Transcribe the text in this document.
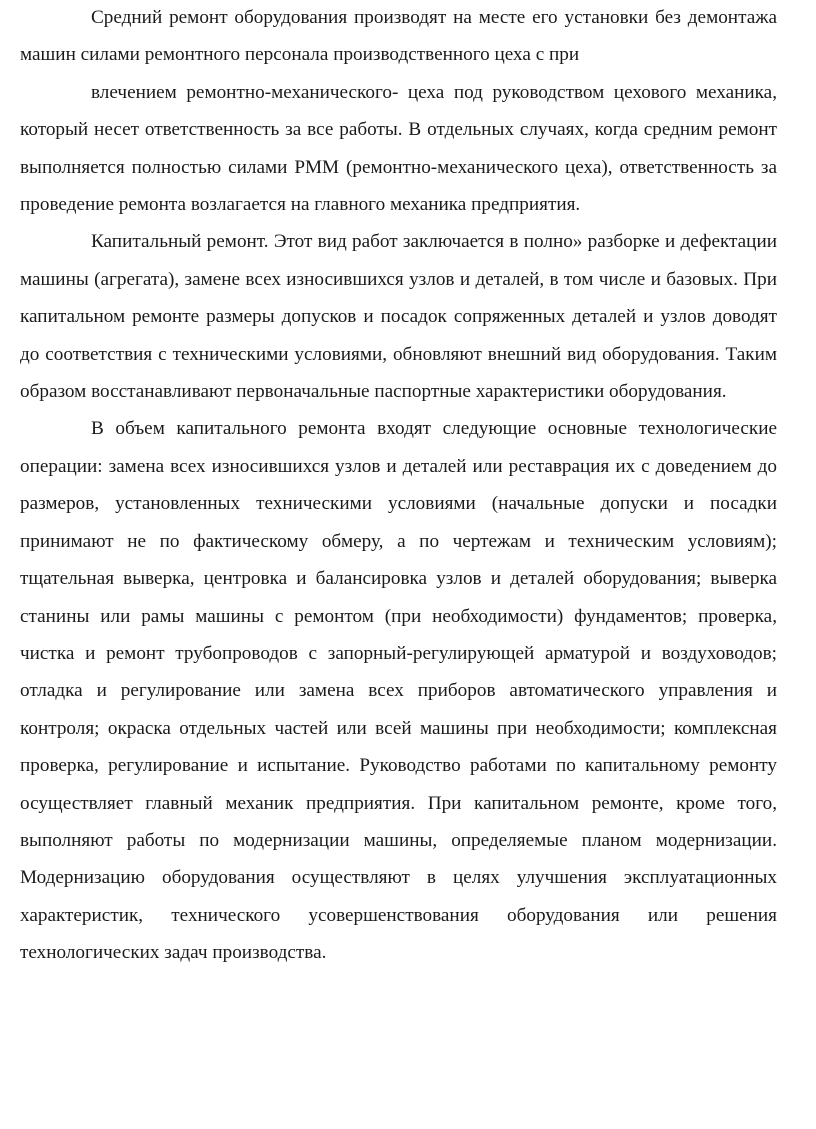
Средний ремонт оборудования производят на месте его установки без демонтажа машин силами ремонтного персонала производственного цеха с при
влечением ремонтно-механического- цеха под руководством цехового механика, который несет ответственность за все работы. В отдельных случаях, когда средним ремонт выполняется полностью силами РММ (ремонтно-механического цеха), ответственность за проведение ремонта возлагается на главного механика предприятия.

Капитальный ремонт. Этот вид работ заключается в полно» разборке и дефектации машины (агрегата), замене всех износившихся узлов и деталей, в том числе и базовых. При капитальном ремонте размеры допусков и посадок сопряженных деталей и узлов доводят до соответствия с техническими условиями, обновляют внешний вид оборудования. Таким образом восстанавливают первоначальные паспортные характеристики оборудования.

В объем капитального ремонта входят следующие основные технологические операции: замена всех износившихся узлов и деталей или реставрация их с доведением до размеров, установленных техническими условиями (начальные допуски и посадки принимают не по фактическому обмеру, а по чертежам и техническим условиям); тщательная выверка, центровка и балансировка узлов и деталей оборудования; выверка станины или рамы машины с ремонтом (при необходимости) фундаментов; проверка, чистка и ремонт трубопроводов с запорный-регулирующей арматурой и воздуховодов; отладка и регулирование или замена всех приборов автоматического управления и контроля; окраска отдельных частей или всей машины при необходимости; комплексная проверка, регулирование и испытание. Руководство работами по капитальному ремонту осуществляет главный механик предприятия. При капитальном ремонте, кроме того, выполняют работы по модернизации машины, определяемые планом модернизации. Модернизацию оборудования осуществляют в целях улучшения эксплуатационных характеристик, технического усовершенствования оборудования или решения технологических задач производства.
